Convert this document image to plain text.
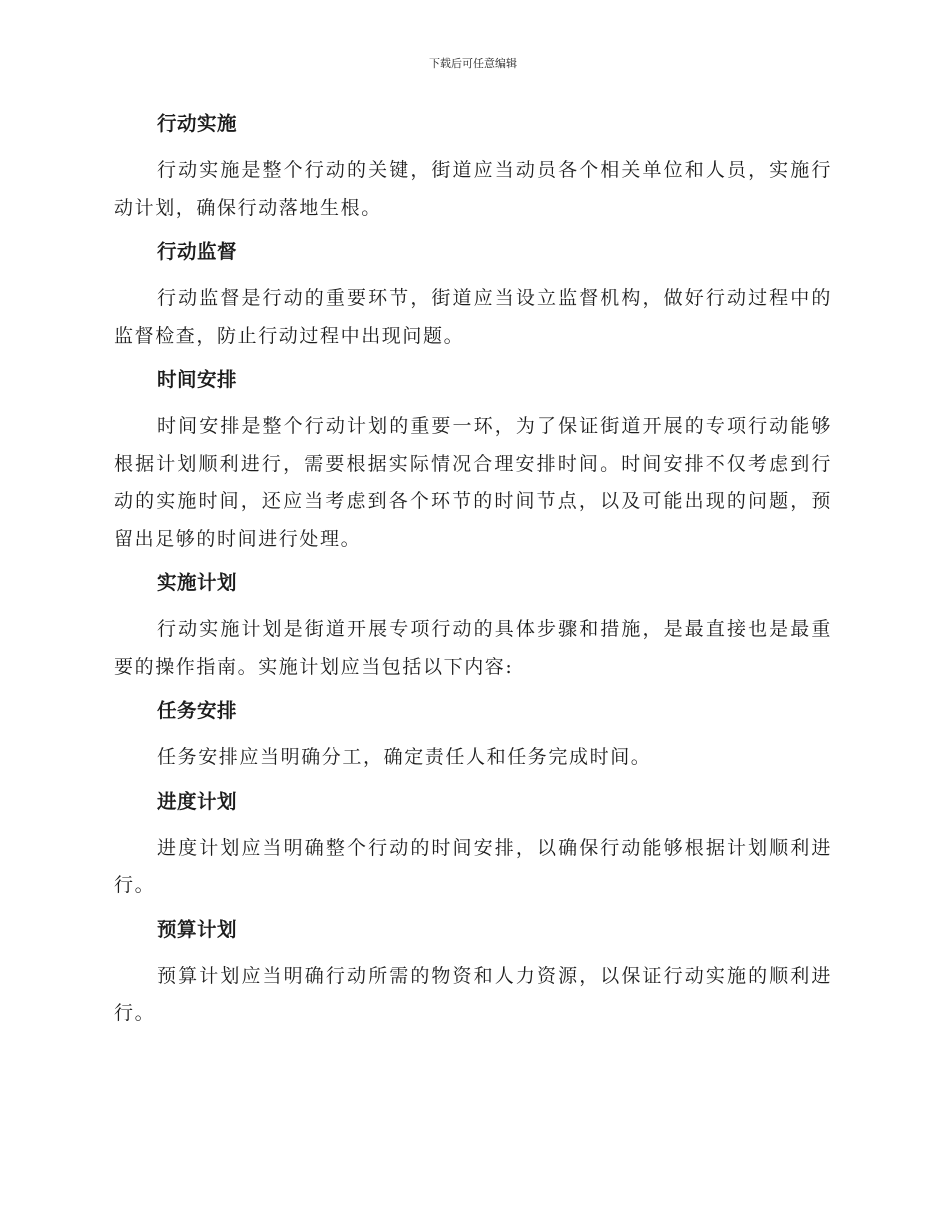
下载后可任意编辑
行动实施

行动实施是整个行动的关键，街道应当动员各个相关单位和人员，实施行动计划，确保行动落地生根。

行动监督

行动监督是行动的重要环节，街道应当设立监督机构，做好行动过程中的监督检查，防止行动过程中出现问题。

时间安排

时间安排是整个行动计划的重要一环，为了保证街道开展的专项行动能够根据计划顺利进行，需要根据实际情况合理安排时间。时间安排不仅考虑到行动的实施时间，还应当考虑到各个环节的时间节点，以及可能出现的问题，预留出足够的时间进行处理。

实施计划

行动实施计划是街道开展专项行动的具体步骤和措施，是最直接也是最重要的操作指南。实施计划应当包括以下内容:

任务安排

任务安排应当明确分工，确定责任人和任务完成时间。

进度计划

进度计划应当明确整个行动的时间安排，以确保行动能够根据计划顺利进行。

预算计划

预算计划应当明确行动所需的物资和人力资源，以保证行动实施的顺利进行。
